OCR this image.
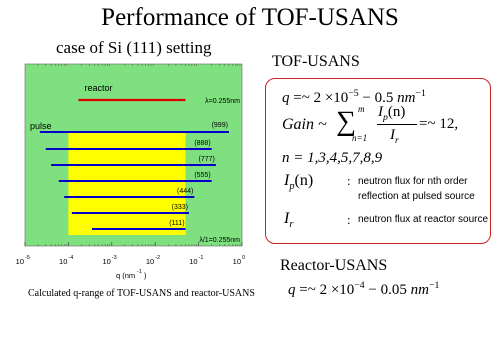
Performance of TOF-USANS
case of Si (111) setting
TOF-USANS
reactor
λ=0.255nm
pulse	(999)
(888)
(777)
(555)
(444)
(333)
(111)
λ/1=0.255nm
10 -5	10 -4	10 -3	10 -2	10 -1	10 0
q (nm -1 )
q =~ $2 \times 10^{-5} - 0.5$ $nm^{-1}$
Gain ~ ∑ m
n=1
$I_p(n)$
$I_r$
=~ 12,
n = 1,3,4,5,7,8,9
$I_p(n)$	: neutron flux for nth order reflection at pulsed source
$I_r$	: neutron flux at reactor source
Reactor-USANS
q =~ $2 \times 10^{-4} - 0.05$ $nm^{-1}$
Calculated q-range of TOF-USANS and reactor-USANS
